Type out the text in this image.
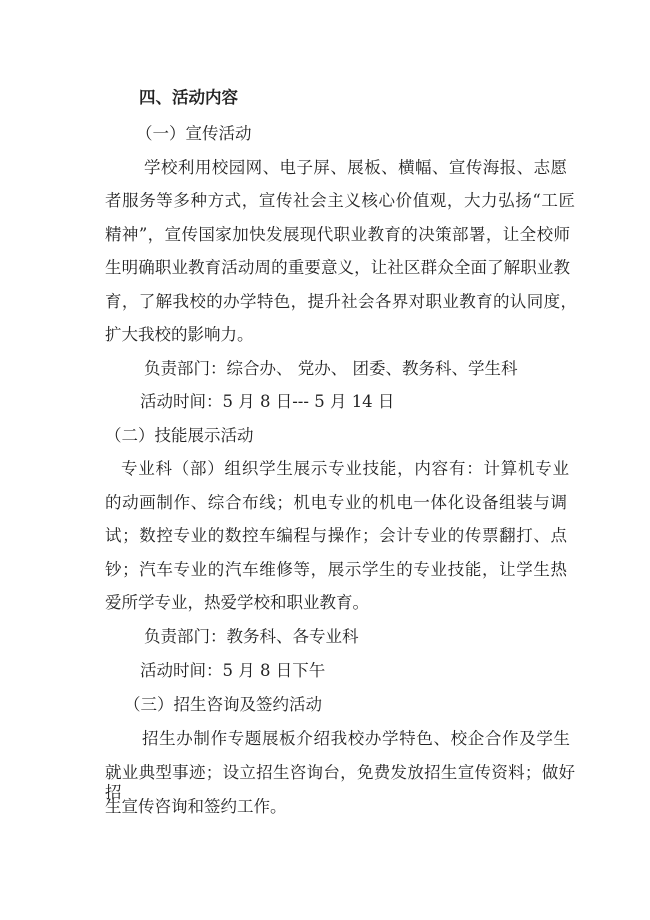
四、活动内容
（一）宣传活动
学校利用校园网、电子屏、展板、横幅、宣传海报、志愿
者服务等多种方式，宣传社会主义核心价值观，大力弘扬“工匠
精神”，宣传国家加快发展现代职业教育的决策部署，让全校师
生明确职业教育活动周的重要意义，让社区群众全面了解职业教
育，了解我校的办学特色，提升社会各界对职业教育的认同度，
扩大我校的影响力。
负责部门：综合办、 党办、 团委、教务科、学生科
活动时间：5 月 8 日--- 5 月 14 日
（二）技能展示活动
专业科（部）组织学生展示专业技能，内容有：计算机专业
的动画制作、综合布线；机电专业的机电一体化设备组装与调
试；数控专业的数控车编程与操作；会计专业的传票翻打、点
钞；汽车专业的汽车维修等，展示学生的专业技能，让学生热
爱所学专业，热爱学校和职业教育。
负责部门：教务科、各专业科
活动时间：5 月 8 日下午
（三）招生咨询及签约活动
招生办制作专题展板介绍我校办学特色、校企合作及学生
就业典型事迹；设立招生咨询台，免费发放招生宣传资料；做好招
生宣传咨询和签约工作。
